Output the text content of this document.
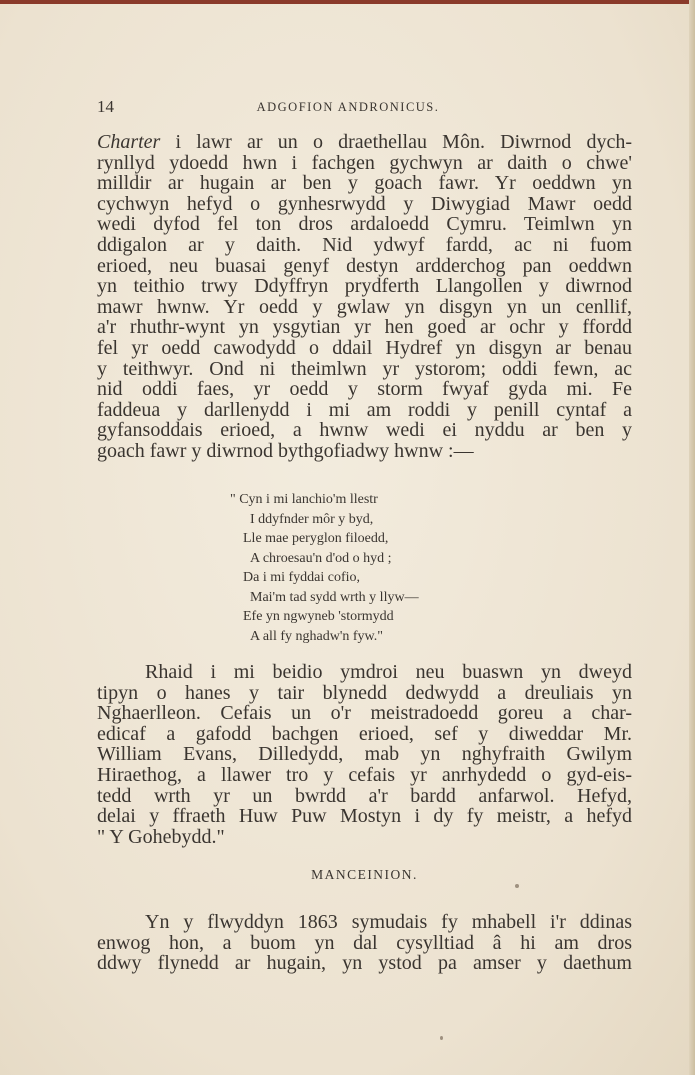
14	ADGOFION ANDRONICUS.
Charter i lawr ar un o draethellau Môn. Diwrnod dych-
rynllyd ydoedd hwn i fachgen gychwyn ar daith o chwe'
milldir ar hugain ar ben y goach fawr. Yr oeddwn yn
cychwyn hefyd o gynhesrwydd y Diwygiad Mawr oedd
wedi dyfod fel ton dros ardaloedd Cymru. Teimlwn yn
ddigalon ar y daith. Nid ydwyf fardd, ac ni fuom
erioed, neu buasai genyf destyn ardderchog pan oeddwn
yn teithio trwy Ddyffryn prydferth Llangollen y diwrnod
mawr hwnw. Yr oedd y gwlaw yn disgyn yn un cenllif,
a'r rhuthr-wynt yn ysgytian yr hen goed ar ochr y ffordd
fel yr oedd cawodydd o ddail Hydref yn disgyn ar benau
y teithwyr. Ond ni theimlwn yr ystorom; oddi fewn, ac
nid oddi faes, yr oedd y storm fwyaf gyda mi. Fe
faddeua y darllenydd i mi am roddi y penill cyntaf a
gyfansoddais erioed, a hwnw wedi ei nyddu ar ben y
goach fawr y diwrnod bythgofiadwy hwnw :—
" Cyn i mi lanchio'm llestr
I ddyfnder môr y byd,
Lle mae peryglon filoedd,
A chroesau'n d'od o hyd ;
Da i mi fyddai cofio,
Mai'm tad sydd wrth y llyw—
Efe yn ngwyneb 'stormydd
A all fy nghadw'n fyw."
Rhaid i mi beidio ymdroi neu buaswn yn dweyd
tipyn o hanes y tair blynedd dedwydd a dreuliais yn
Nghaerlleon. Cefais un o'r meistradoedd goreu a char-
edicaf a gafodd bachgen erioed, sef y diweddar Mr.
William Evans, Dilledydd, mab yn nghyfraith Gwilym
Hiraethog, a llawer tro y cefais yr anrhydedd o gyd-eis-
tedd wrth yr un bwrdd a'r bardd anfarwol. Hefyd,
delai y ffraeth Huw Puw Mostyn i dy fy meistr, a hefyd
" Y Gohebydd."
MANCEINION.
Yn y flwyddyn 1863 symudais fy mhabell i'r ddinas
enwog hon, a buom yn dal cysylltiad â hi am dros
ddwy flynedd ar hugain, yn ystod pa amser y daethum
